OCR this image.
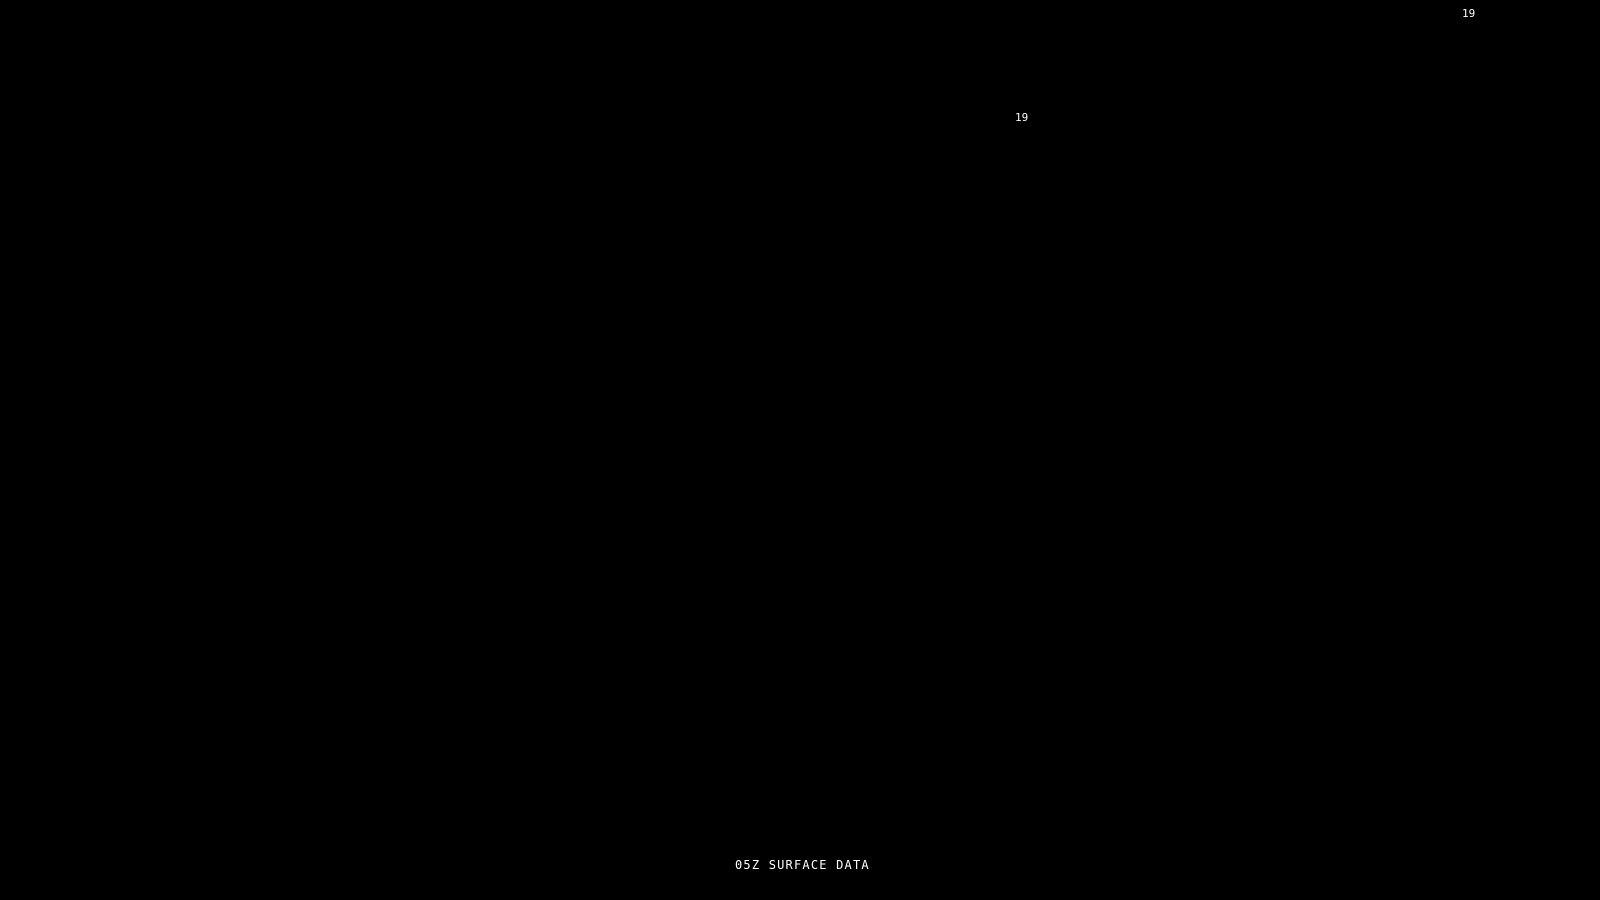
19
19
05Z SURFACE DATA
